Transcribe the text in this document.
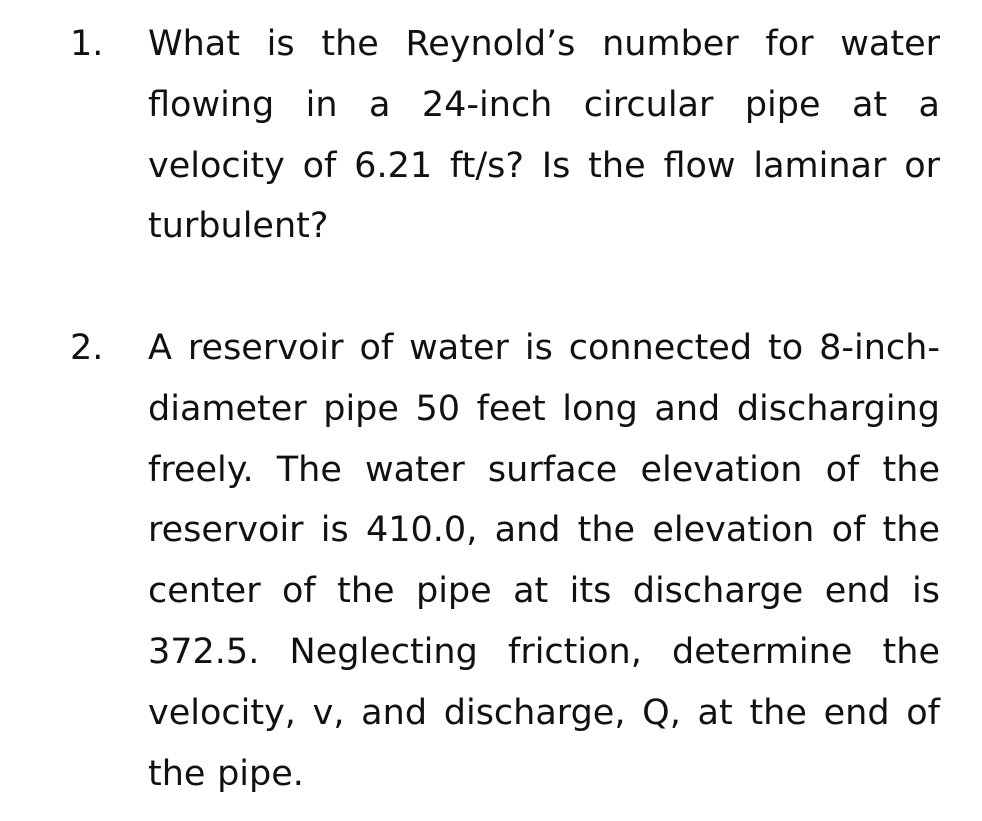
1. What is the Reynold’s number for water flowing in a 24-inch circular pipe at a velocity of 6.21 ft/s? Is the flow laminar or turbulent?

2. A reservoir of water is connected to 8-inch-diameter pipe 50 feet long and discharging freely. The water surface elevation of the reservoir is 410.0, and the elevation of the center of the pipe at its discharge end is 372.5. Neglecting friction, determine the velocity, v, and discharge, Q, at the end of the pipe.
